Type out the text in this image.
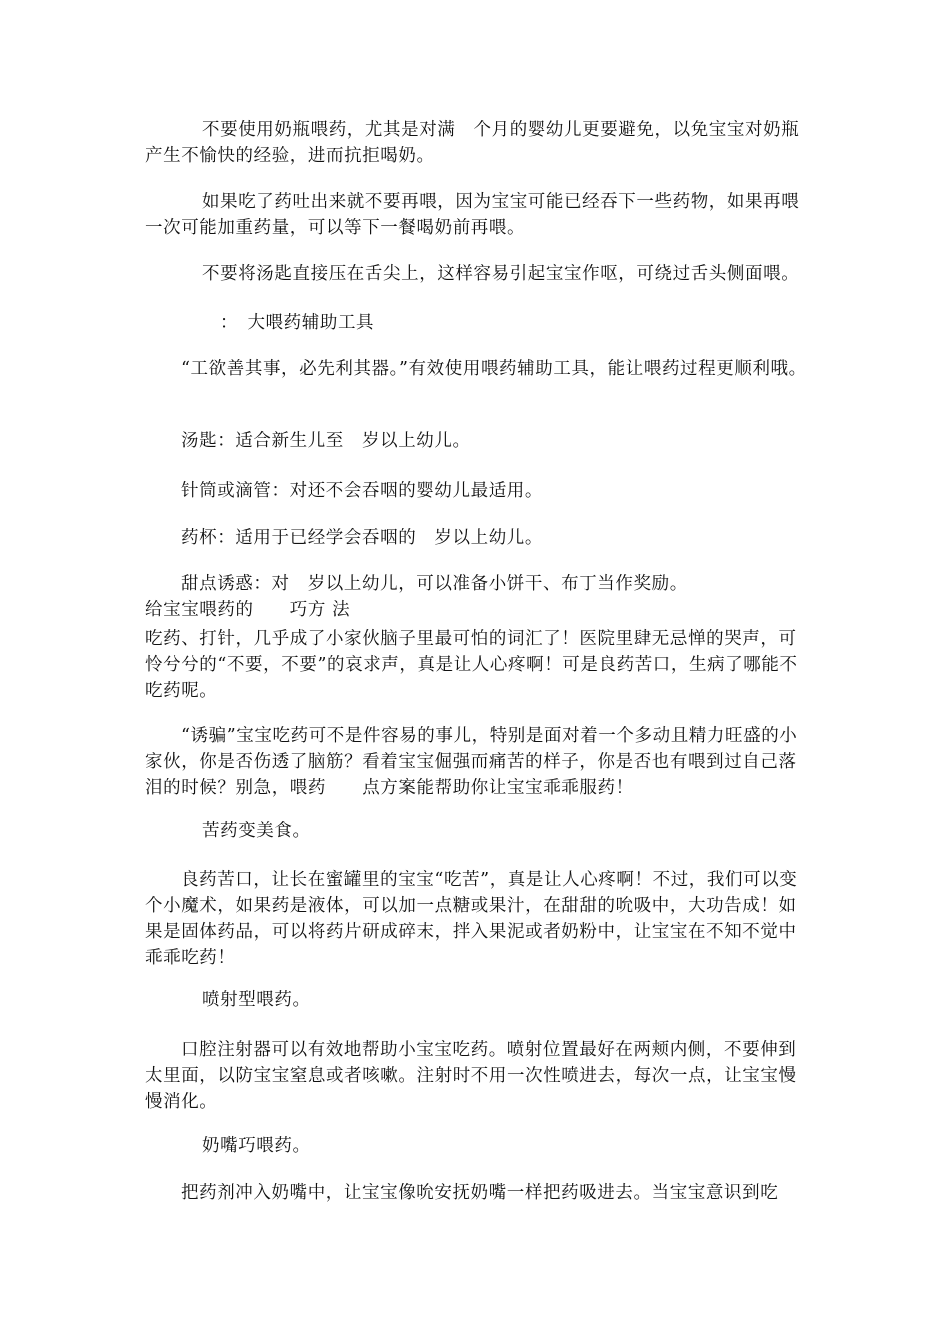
不要使用奶瓶喂药，尤其是对满　个月的婴幼儿更要避免，以免宝宝对奶瓶产生不愉快的经验，进而抗拒喝奶。

如果吃了药吐出来就不要再喂，因为宝宝可能已经吞下一些药物，如果再喂一次可能加重药量，可以等下一餐喝奶前再喂。

不要将汤匙直接压在舌尖上，这样容易引起宝宝作呕，可绕过舌头侧面喂。

：　大喂药辅助工具

“工欲善其事，必先利其器。”有效使用喂药辅助工具，能让喂药过程更顺利哦。

汤匙：适合新生儿至　岁以上幼儿。

针筒或滴管：对还不会吞咽的婴幼儿最适用。

药杯：适用于已经学会吞咽的　岁以上幼儿。

甜点诱惑：对　岁以上幼儿，可以准备小饼干、布丁当作奖励。

给宝宝喂药的　　巧方 法

吃药、打针，几乎成了小家伙脑子里最可怕的词汇了！医院里肆无忌惮的哭声，可怜兮兮的“不要，不要”的哀求声，真是让人心疼啊！可是良药苦口，生病了哪能不吃药呢。

“诱骗”宝宝吃药可不是件容易的事儿，特别是面对着一个多动且精力旺盛的小家伙，你是否伤透了脑筋？看着宝宝倔强而痛苦的样子，你是否也有喂到过自己落泪的时候？别急，喂药　　点方案能帮助你让宝宝乖乖服药！

苦药变美食。

良药苦口，让长在蜜罐里的宝宝“吃苦”，真是让人心疼啊！不过，我们可以变个小魔术，如果药是液体，可以加一点糖或果汁，在甜甜的吮吸中，大功告成！如果是固体药品，可以将药片研成碎末，拌入果泥或者奶粉中，让宝宝在不知不觉中乖乖吃药！

喷射型喂药。

口腔注射器可以有效地帮助小宝宝吃药。喷射位置最好在两颊内侧，不要伸到太里面，以防宝宝窒息或者咳嗽。注射时不用一次性喷进去，每次一点，让宝宝慢慢消化。

奶嘴巧喂药。

把药剂冲入奶嘴中，让宝宝像吮安抚奶嘴一样把药吸进去。当宝宝意识到吃
